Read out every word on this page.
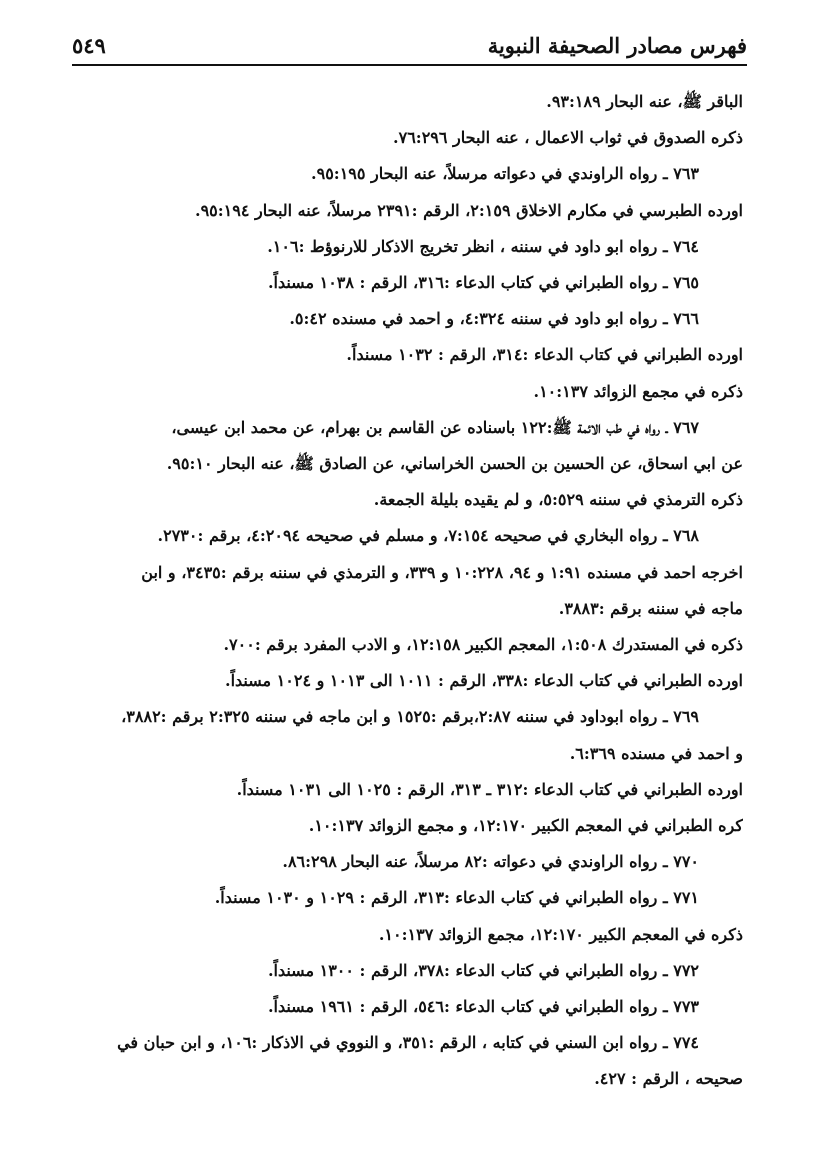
٥٤٩	فهرس مصادر الصحيفة النبوية
الباقر ﷺ، عنه البحار ٩٣:١٨٩.
ذكره الصدوق في ثواب الاعمال ، عنه البحار ٧٦:٢٩٦.
٧٦٣ ـ رواه الراوندي في دعواته مرسلاً، عنه البحار ٩٥:١٩٥.
اورده الطبرسي في مكارم الاخلاق ٢:١٥٩، الرقم :٢٣٩١ مرسلاً، عنه البحار ٩٥:١٩٤.
٧٦٤ ـ رواه ابو داود في سننه ، انظر تخريج الاذكار للارنوؤط :١٠٦.
٧٦٥ ـ رواه الطبراني في كتاب الدعاء :٣١٦، الرقم : ١٠٣٨ مسنداً.
٧٦٦ ـ رواه ابو داود في سننه ٤:٣٢٤، و احمد في مسنده ٥:٤٢.
اورده الطبراني في كتاب الدعاء :٣١٤، الرقم : ١٠٣٢ مسنداً.
ذكره في مجمع الزوائد ١٠:١٣٧.
٧٦٧ ـ رواه في طب الائمة ﷺ:١٢٢ باسناده عن القاسم بن بهرام، عن محمد ابن عيسى،
عن ابي اسحاق، عن الحسين بن الحسن الخراساني، عن الصادق ﷺ، عنه البحار ٩٥:١٠.
ذكره الترمذي في سننه ٥:٥٢٩، و لم يقيده بليلة الجمعة.
٧٦٨ ـ رواه البخاري في صحيحه ٧:١٥٤، و مسلم في صحيحه ٤:٢٠٩٤، برقم :٢٧٣٠.
اخرجه احمد في مسنده ١:٩١ و ٩٤، ١٠:٢٢٨ و ٣٣٩، و الترمذي في سننه برقم :٣٤٣٥، و ابن
ماجه في سننه برقم :٣٨٨٣.
ذكره في المستدرك ١:٥٠٨، المعجم الكبير ١٢:١٥٨، و الادب المفرد برقم :٧٠٠.
اورده الطبراني في كتاب الدعاء :٣٣٨، الرقم : ١٠١١ الى ١٠١٣ و ١٠٢٤ مسنداً.
٧٦٩ ـ رواه ابوداود في سننه ٢:٨٧،برقم :١٥٢٥ و ابن ماجه في سننه ٢:٣٢٥ برقم :٣٨٨٢،
و احمد في مسنده ٦:٣٦٩.
اورده الطبراني في كتاب الدعاء :٣١٢ ـ ٣١٣، الرقم : ١٠٢٥ الى ١٠٣١ مسنداً.
كره الطبراني في المعجم الكبير ١٢:١٧٠، و مجمع الزوائد ١٠:١٣٧.
٧٧٠ ـ رواه الراوندي في دعواته :٨٢ مرسلاً، عنه البحار ٨٦:٢٩٨.
٧٧١ ـ رواه الطبراني في كتاب الدعاء :٣١٣، الرقم : ١٠٢٩ و ١٠٣٠ مسنداً.
ذكره في المعجم الكبير ١٢:١٧٠، مجمع الزوائد ١٠:١٣٧.
٧٧٢ ـ رواه الطبراني في كتاب الدعاء :٣٧٨، الرقم : ١٣٠٠ مسنداً.
٧٧٣ ـ رواه الطبراني في كتاب الدعاء :٥٤٦، الرقم : ١٩٦١ مسنداً.
٧٧٤ ـ رواه ابن السني في كتابه ، الرقم :٣٥١، و النووي في الاذكار :١٠٦، و ابن حبان في
صحيحه ، الرقم : ٤٢٧.
